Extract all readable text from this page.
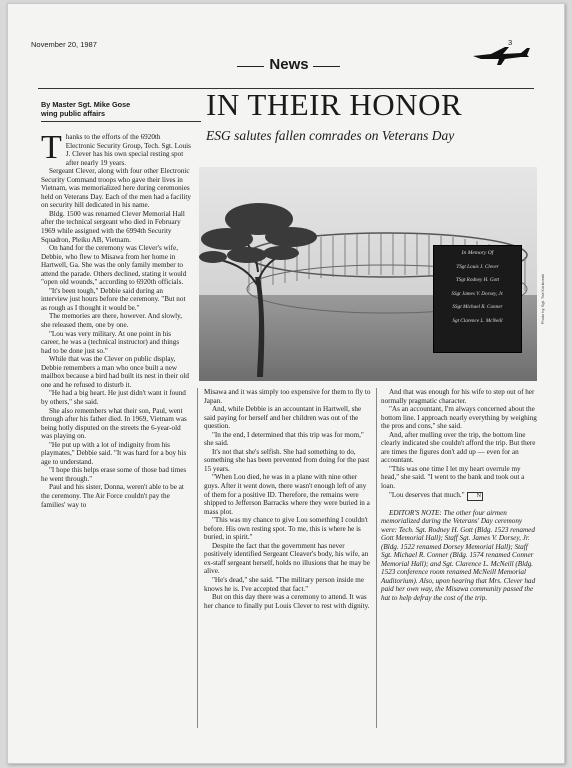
November 20, 1987	3
News
By Master Sgt. Mike Gose
wing public affairs	IN THEIR HONOR
ESG salutes fallen comrades on Veterans Day
In Memory Of
TSgt Louis J. Clever
TSgt Rodney H. Gott
SSgt James V. Dorsey, Jr.
SSgt Michael R. Conner
Sgt Clarence L. McNeill	Photo by Sgt. Tod Konkorski

Thanks to the efforts of the 6920th Electronic Security Group, Tech. Sgt. Louis J. Clever has his own special resting spot after nearly 19 years.

Sergeant Clever, along with four other Electronic Security Command troops who gave their lives in Vietnam, was memorialized here during ceremonies held on Veterans Day. Each of the men had a facility on security hill dedicated in his name.

Bldg. 1500 was renamed Clever Memorial Hall after the technical sergeant who died in February 1969 while assigned with the 6994th Security Squadron, Pleiku AB, Vietnam.

On hand for the ceremony was Clever's wife, Debbie, who flew to Misawa from her home in Hartwell, Ga. She was the only family member to attend the parade. Others declined, stating it would "open old wounds," according to 6920th officials.

"It's been tough," Debbie said during an interview just hours before the ceremony. "But not as rough as I thought it would be."

The memories are there, however. And slowly, she released them, one by one.

"Lou was very military. At one point in his career, he was a (technical instructor) and things had to be done just so."

While that was the Clever on public display, Debbie remembers a man who once built a new mailbox because a bird had built its nest in their old one and he refused to disturb it.

"He had a big heart. He just didn't want it found by others," she said.

She also remembers what their son, Paul, went through after his father died. In 1969, Vietnam was being hotly disputed on the streets the 6-year-old was playing on.

"He put up with a lot of indignity from his playmates," Debbie said. "It was hard for a boy his age to understand.

"I hope this helps erase some of those bad times he went through."

Paul and his sister, Donna, weren't able to be at the ceremony. The Air Force couldn't pay the families' way to

Misawa and it was simply too expensive for them to fly to Japan.

And, while Debbie is an accountant in Hartwell, she said paying for herself and her children was out of the question.

"In the end, I determined that this trip was for mom," she said.

It's not that she's selfish. She had something to do, something she has been prevented from doing for the past 15 years.

"When Lou died, he was in a plane with nine other guys. After it went down, there wasn't enough left of any of them for a positive ID. Therefore, the remains were shipped to Jefferson Barracks where they were buried in a mass plot.

"This was my chance to give Lou something I couldn't before. His own resting spot. To me, this is where he is buried, in spirit."

Despite the fact that the government has never positively identified Sergeant Cleaver's body, his wife, an ex-staff sergeant herself, holds no illusions that he may be alive.

"He's dead," she said. "The military person inside me knows he is. I've accepted that fact."

But on this day there was a ceremony to attend. It was her chance to finally put Louis Clever to rest with dignity.

And that was enough for his wife to step out of her normally pragmatic character.

"As an accountant, I'm always concerned about the bottom line. I approach nearly everything by weighing the pros and cons," she said.

And, after mulling over the trip, the bottom line clearly indicated she couldn't afford the trip. But there are times the figures don't add up — even for an accountant.

"This was one time I let my heart overrule my head," she said. "I went to the bank and took out a loan.

"Lou deserves that much." N

EDITOR'S NOTE: The other four airmen memorialized during the Veterans' Day ceremony were: Tech. Sgt. Rodney H. Gott (Bldg. 1523 renamed Gott Memorial Hall); Staff Sgt. James V. Dorsey, Jr. (Bldg. 1522 renamed Dorsey Memorial Hall); Staff Sgt. Michael R. Conner (Bldg. 1574 renamed Conner Memorial Hall); and Sgt. Clarence L. McNeill (Bldg. 1523 conference room renamed McNeill Memorial Auditorium). Also, upon hearing that Mrs. Clever had paid her own way, the Misawa community passed the hat to help defray the cost of the trip.
